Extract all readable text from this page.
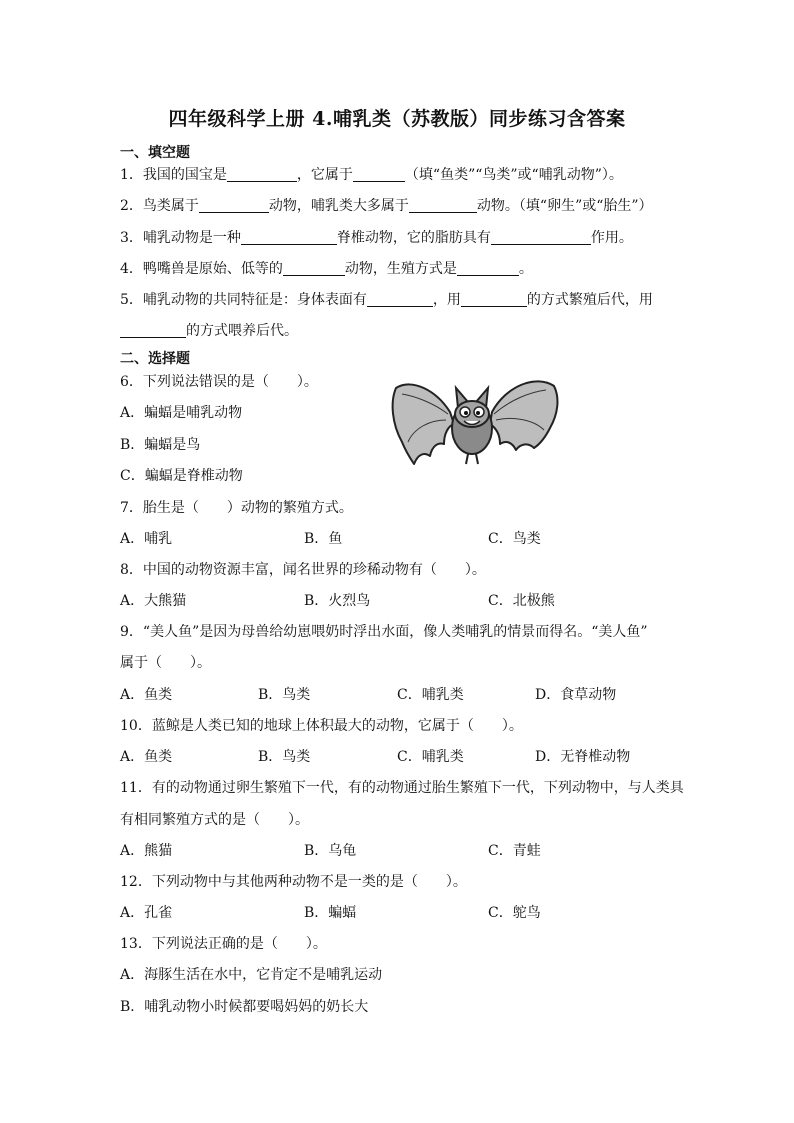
四年级科学上册 4.哺乳类（苏教版）同步练习含答案
一、填空题
1．我国的国宝是	，它属于	（填“鱼类”“鸟类”或“哺乳动物”）。
2．鸟类属于	动物，哺乳类大多属于	动物。（填“卵生”或“胎生”）
3．哺乳动物是一种	脊椎动物，它的脂肪具有	作用。
4．鸭嘴兽是原始、低等的	动物，生殖方式是	。
5．哺乳动物的共同特征是：身体表面有	，用	的方式繁殖后代，用
的方式喂养后代。
二、选择题
6．下列说法错误的是（　　）。
A．蝙蝠是哺乳动物
B．蝙蝠是鸟
C．蝙蝠是脊椎动物
7．胎生是（　　）动物的繁殖方式。
A．哺乳	B．鱼	C．鸟类
8．中国的动物资源丰富，闻名世界的珍稀动物有（　　）。
A．大熊猫	B．火烈鸟	C．北极熊
9．“美人鱼”是因为母兽给幼崽喂奶时浮出水面，像人类哺乳的情景而得名。“美人鱼”
属于（　　）。
A．鱼类	B．鸟类	C．哺乳类	D．食草动物
10．蓝鲸是人类已知的地球上体积最大的动物，它属于（　　）。
A．鱼类	B．鸟类	C．哺乳类	D．无脊椎动物
11．有的动物通过卵生繁殖下一代，有的动物通过胎生繁殖下一代，下列动物中，与人类具
有相同繁殖方式的是（　　）。
A．熊猫	B．乌龟	C．青蛙
12．下列动物中与其他两种动物不是一类的是（　　）。
A．孔雀	B．蝙蝠	C．鸵鸟
13．下列说法正确的是（　　）。
A．海豚生活在水中，它肯定不是哺乳运动
B．哺乳动物小时候都要喝妈妈的奶长大
